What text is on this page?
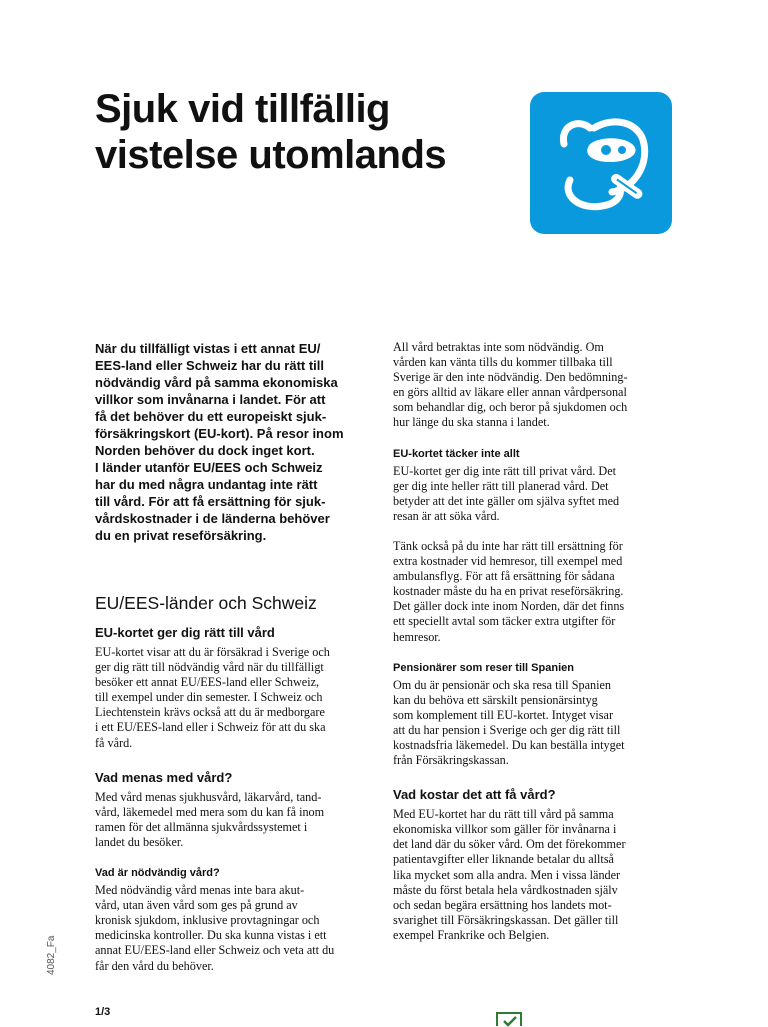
Sjuk vid tillfällig
vistelse utomlands

När du tillfälligt vistas i ett annat EU/
EES-land eller Schweiz har du rätt till
nödvändig vård på samma ekonomiska
villkor som invånarna i landet. För att
få det behöver du ett europeiskt sjuk-
försäkringskort (EU-kort). På resor inom
Norden behöver du dock inget kort.
I länder utanför EU/EES och Schweiz
har du med några undantag inte rätt
till vård. För att få ersättning för sjuk-
vårdskostnader i de länderna behöver
du en privat reseförsäkring.

EU/EES-länder och Schweiz
EU-kortet ger dig rätt till vård

EU-kortet visar att du är försäkrad i Sverige och
ger dig rätt till nödvändig vård när du tillfälligt
besöker ett annat EU/EES-land eller Schweiz,
till exempel under din semester. I Schweiz och
Liechtenstein krävs också att du är medborgare
i ett EU/EES-land eller i Schweiz för att du ska
få vård.

Vad menas med vård?

Med vård menas sjukhusvård, läkarvård, tand-
vård, läkemedel med mera som du kan få inom
ramen för det allmänna sjukvårdssystemet i
landet du besöker.

Vad är nödvändig vård?

Med nödvändig vård menas inte bara akut-
vård, utan även vård som ges på grund av
kronisk sjukdom, inklusive provtagningar och
medicinska kontroller. Du ska kunna vistas i ett
annat EU/EES-land eller Schweiz och veta att du
får den vård du behöver.

All vård betraktas inte som nödvändig. Om
vården kan vänta tills du kommer tillbaka till
Sverige är den inte nödvändig. Den bedömning-
en görs alltid av läkare eller annan vårdpersonal
som behandlar dig, och beror på sjukdomen och
hur länge du ska stanna i landet.

EU-kortet täcker inte allt

EU-kortet ger dig inte rätt till privat vård. Det
ger dig inte heller rätt till planerad vård. Det
betyder att det inte gäller om själva syftet med
resan är att söka vård.

Tänk också på du inte har rätt till ersättning för
extra kostnader vid hemresor, till exempel med
ambulansflyg. För att få ersättning för sådana
kostnader måste du ha en privat reseförsäkring.
Det gäller dock inte inom Norden, där det finns
ett speciellt avtal som täcker extra utgifter för
hemresor.

Pensionärer som reser till Spanien

Om du är pensionär och ska resa till Spanien
kan du behöva ett särskilt pensionärsintyg
som komplement till EU-kortet. Intyget visar
att du har pension i Sverige och ger dig rätt till
kostnadsfria läkemedel. Du kan beställa intyget
från Försäkringskassan.

Vad kostar det att få vård?

Med EU-kortet har du rätt till vård på samma
ekonomiska villkor som gäller för invånarna i
det land där du söker vård. Om det förekommer
patientavgifter eller liknande betalar du alltså
lika mycket som alla andra. Men i vissa länder
måste du först betala hela vårdkostnaden själv
och sedan begära ersättning hos landets mot-
svarighet till Försäkringskassan. Det gäller till
exempel Frankrike och Belgien.

4082_Fa
1/3
